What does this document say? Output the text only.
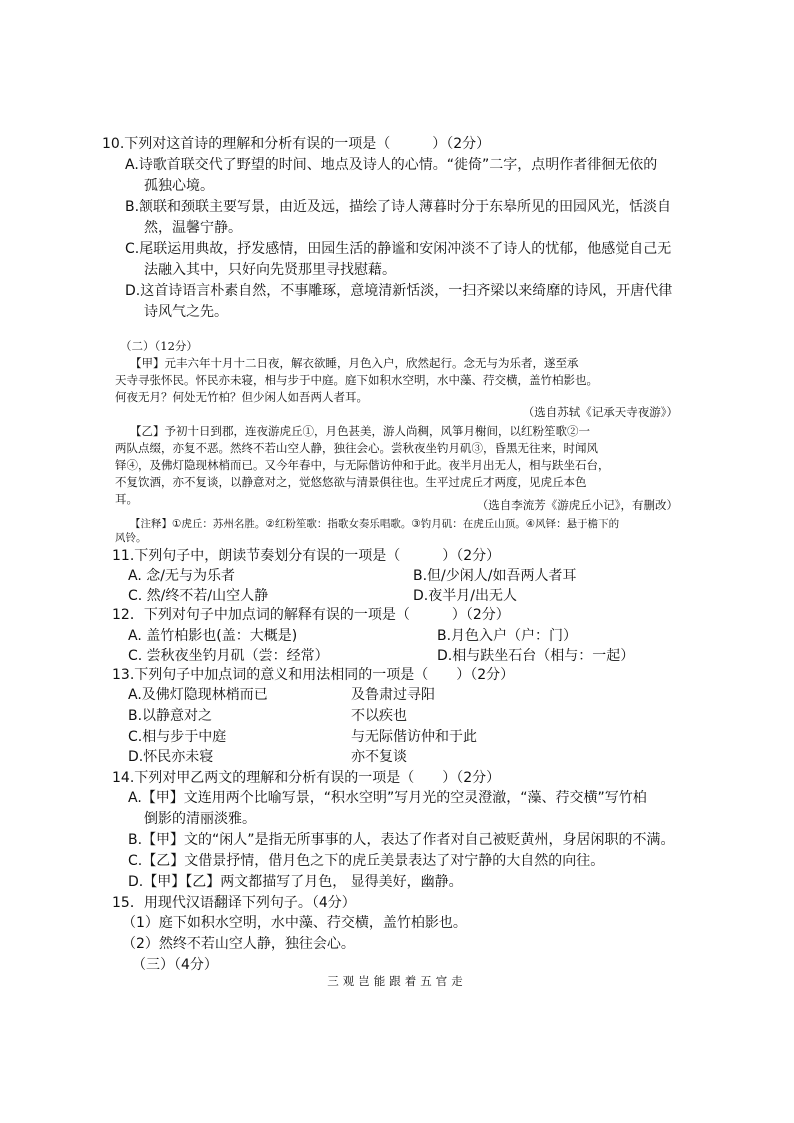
10.下列对这首诗的理解和分析有误的一项是（　　　）（2分）
A.诗歌首联交代了野望的时间、地点及诗人的心情。“徙倚”二字，点明作者徘徊无依的
孤独心境。
B.颔联和颈联主要写景，由近及远，描绘了诗人薄暮时分于东皋所见的田园风光，恬淡自
然，温馨宁静。
C.尾联运用典故，抒发感情，田园生活的静谧和安闲冲淡不了诗人的忧郁，他感觉自己无
法融入其中，只好向先贤那里寻找慰藉。
D.这首诗语言朴素自然，不事雕琢，意境清新恬淡，一扫齐梁以来绮靡的诗风，开唐代律
诗风气之先。
（二）（12分）
【甲】元丰六年十月十二日夜，解衣欲睡，月色入户，欣然起行。念无与为乐者，遂至承
天寺寻张怀民。怀民亦未寝，相与步于中庭。庭下如积水空明，水中藻、荇交横，盖竹柏影也。
何夜无月？何处无竹柏？但少闲人如吾两人者耳。
（选自苏轼《记承天寺夜游》）
【乙】予初十日到郡，连夜游虎丘①，月色甚美，游人尚稠，风箏月榭间，以红粉笙歌②一
两队点缀，亦复不恶。然终不若山空人静，独往会心。尝秋夜坐钓月矶③，昏黑无往来，时闻风
铎④，及佛灯隐现林梢而已。又今年春中，与无际偕访仲和于此。夜半月出无人，相与趺坐石台，
不复饮酒，亦不复谈，以静意对之，觉悠悠欲与清景俱往也。生平过虎丘才两度，见虎丘本色
耳。	（选自李流芳《游虎丘小记》，有删改）
【注释】①虎丘：苏州名胜。②红粉笙歌：指歌女奏乐唱歌。③钓月矶：在虎丘山顶。④风铎：悬于檐下的
风铃。
11.下列句子中，朗读节奏划分有误的一项是（　　　）（2分）
A. 念/无与为乐者	B.但/少闲人/如吾两人者耳
C. 然/终不若/山空人静	D.夜半月/出无人
12．下列对句子中加点词的解释有误的一项是（　　　）（2分）
A. 盖竹柏影也(盖：大概是)	B.月色入户（户：门）
C. 尝秋夜坐钓月矶（尝：经常）	D.相与趺坐石台（相与：一起）
13.下列句子中加点词的意义和用法相同的一项是（　　）（2分）
A.及佛灯隐现林梢而已	及鲁肃过寻阳
B.以静意对之	不以疾也
C.相与步于中庭	与无际偕访仲和于此
D.怀民亦未寝	亦不复谈
14.下列对甲乙两文的理解和分析有误的一项是（　　）（2分）
A.【甲】文连用两个比喻写景，“积水空明”写月光的空灵澄澈，“藻、荇交横”写竹柏
倒影的清丽淡雅。
B.【甲】文的“闲人”是指无所事事的人，表达了作者对自己被贬黄州，身居闲职的不满。
C.【乙】文借景抒情，借月色之下的虎丘美景表达了对宁静的大自然的向往。
D.【甲】【乙】两文都描写了月色， 显得美好，幽静。
15．用现代汉语翻译下列句子。（4分）
（1）庭下如积水空明，水中藻、荇交横，盖竹柏影也。
（2）然终不若山空人静，独往会心。
（三）（4分）
三观岂能跟着五官走
